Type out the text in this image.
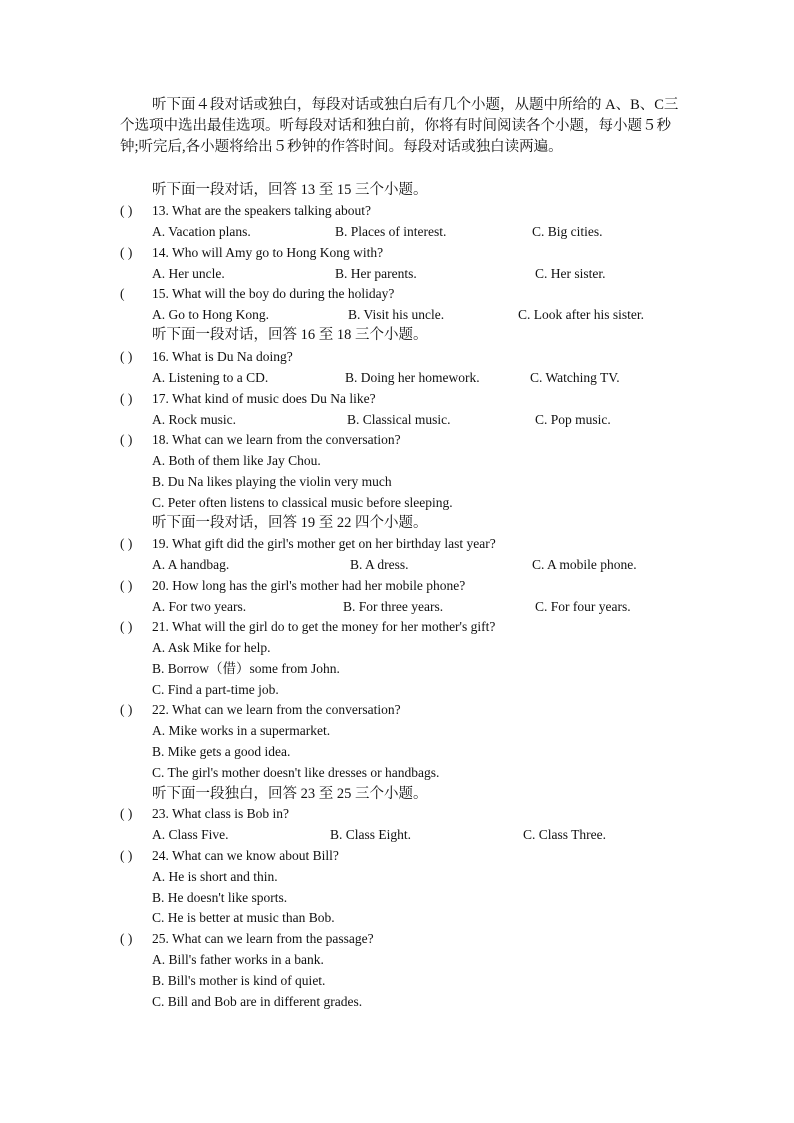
听下面４段对话或独白，每段对话或独白后有几个小题，从题中所给的 A、B、C三个选项中选出最佳选项。听每段对话和独白前，你将有时间阅读各个小题，每小题５秒钟;听完后,各小题将给出５秒钟的作答时间。每段对话或独白读两遍。

听下面一段对话，回答 13 至 15 三个小题。
( ) 13. What are the speakers talking about?
A. Vacation plans.	B. Places of interest.	C. Big cities.
( ) 14. Who will Amy go to Hong Kong with?
A. Her uncle.	B. Her parents.	C. Her sister.
( 15. What will the boy do during the holiday?
A. Go to Hong Kong.	B. Visit his uncle.	C. Look after his sister.
听下面一段对话，回答 16 至 18 三个小题。
( ) 16. What is Du Na doing?
A. Listening to a CD.	B. Doing her homework.	C. Watching TV.
( ) 17. What kind of music does Du Na like?
A. Rock music.	B. Classical music.	C. Pop music.
( ) 18. What can we learn from the conversation?
A. Both of them like Jay Chou.
B. Du Na likes playing the violin very much
C. Peter often listens to classical music before sleeping.
听下面一段对话，回答 19 至 22 四个小题。
( ) 19. What gift did the girl's mother get on her birthday last year?
A. A handbag.	B. A dress.	C. A mobile phone.
( ) 20. How long has the girl's mother had her mobile phone?
A. For two years.	B. For three years.	C. For four years.
( ) 21. What will the girl do to get the money for her mother's gift?
A. Ask Mike for help.
B. Borrow（借）some from John.
C. Find a part-time job.
( ) 22. What can we learn from the conversation?
A. Mike works in a supermarket.
B. Mike gets a good idea.
C. The girl's mother doesn't like dresses or handbags.
听下面一段独白，回答 23 至 25 三个小题。
( ) 23. What class is Bob in?
A. Class Five.	B. Class Eight.	C. Class Three.
( ) 24. What can we know about Bill?
A. He is short and thin.
B. He doesn't like sports.
C. He is better at music than Bob.
( ) 25. What can we learn from the passage?
A. Bill's father works in a bank.
B. Bill's mother is kind of quiet.
C. Bill and Bob are in different grades.
